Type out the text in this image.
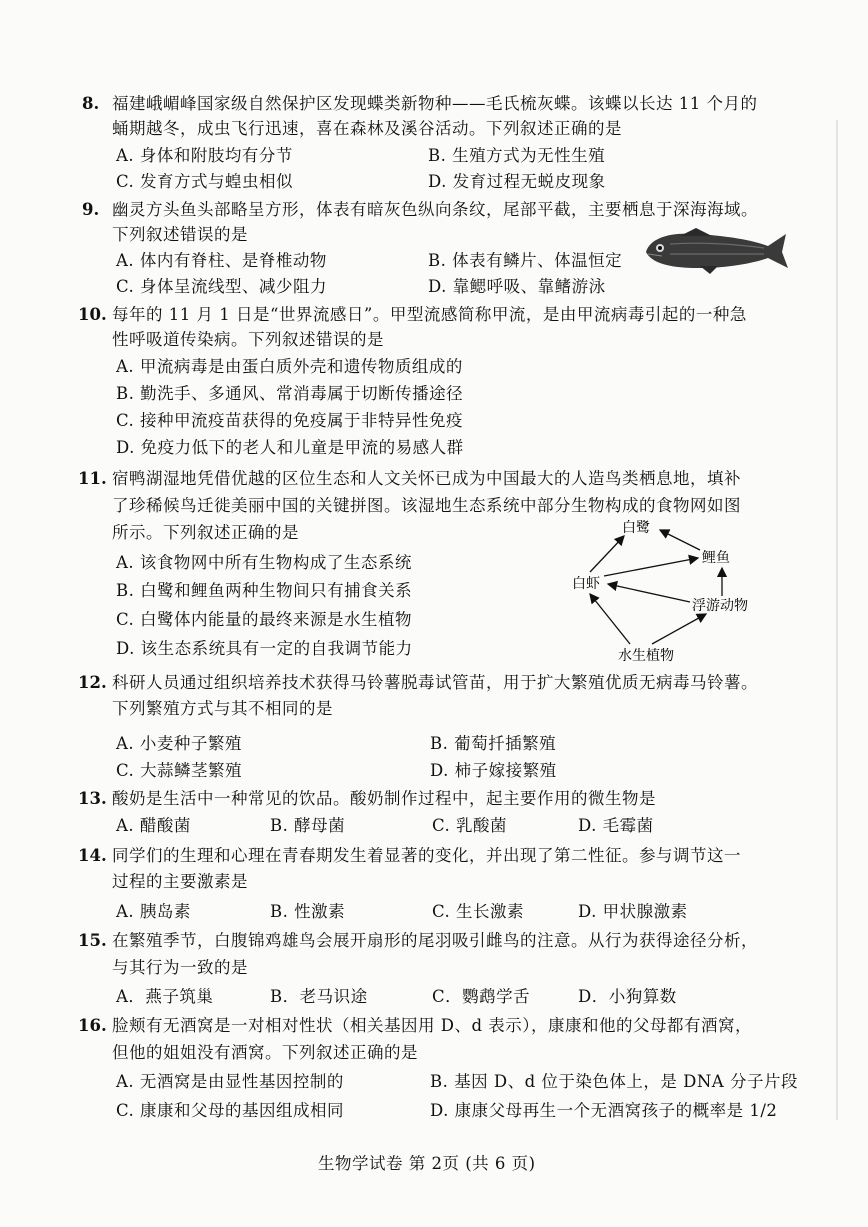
8. 福建峨嵋峰国家级自然保护区发现蝶类新物种——毛氏梳灰蝶。该蝶以长达 11 个月的
蛹期越冬，成虫飞行迅速，喜在森林及溪谷活动。下列叙述正确的是
A. 身体和附肢均有分节	B. 生殖方式为无性生殖
C. 发育方式与蝗虫相似	D. 发育过程无蜕皮现象
9. 幽灵方头鱼头部略呈方形，体表有暗灰色纵向条纹，尾部平截，主要栖息于深海海域。
下列叙述错误的是
A. 体内有脊柱、是脊椎动物	B. 体表有鳞片、体温恒定
C. 身体呈流线型、减少阻力	D. 靠鳃呼吸、靠鳍游泳
10. 每年的 11 月 1 日是“世界流感日”。甲型流感简称甲流，是由甲流病毒引起的一种急
性呼吸道传染病。下列叙述错误的是
A. 甲流病毒是由蛋白质外壳和遗传物质组成的
B. 勤洗手、多通风、常消毒属于切断传播途径
C. 接种甲流疫苗获得的免疫属于非特异性免疫
D. 免疫力低下的老人和儿童是甲流的易感人群
11. 宿鸭湖湿地凭借优越的区位生态和人文关怀已成为中国最大的人造鸟类栖息地，填补
了珍稀候鸟迁徙美丽中国的关键拼图。该湿地生态系统中部分生物构成的食物网如图
所示。下列叙述正确的是
A. 该食物网中所有生物构成了生态系统
B. 白鹭和鲤鱼两种生物间只有捕食关系
C. 白鹭体内能量的最终来源是水生植物
D. 该生态系统具有一定的自我调节能力
白鹭
鲤鱼
白虾
浮游动物
水生植物
12. 科研人员通过组织培养技术获得马铃薯脱毒试管苗，用于扩大繁殖优质无病毒马铃薯。
下列繁殖方式与其不相同的是
A. 小麦种子繁殖	B. 葡萄扦插繁殖
C. 大蒜鳞茎繁殖	D. 柿子嫁接繁殖
13. 酸奶是生活中一种常见的饮品。酸奶制作过程中，起主要作用的微生物是
A. 醋酸菌	B. 酵母菌	C. 乳酸菌	D. 毛霉菌
14. 同学们的生理和心理在青春期发生着显著的变化，并出现了第二性征。参与调节这一
过程的主要激素是
A. 胰岛素	B. 性激素	C. 生长激素	D. 甲状腺激素
15. 在繁殖季节，白腹锦鸡雄鸟会展开扇形的尾羽吸引雌鸟的注意。从行为获得途径分析，
与其行为一致的是
A．燕子筑巢	B．老马识途	C．鹦鹉学舌	D．小狗算数
16. 脸颊有无酒窝是一对相对性状（相关基因用 D、d 表示），康康和他的父母都有酒窝，
但他的姐姐没有酒窝。下列叙述正确的是
A. 无酒窝是由显性基因控制的	B. 基因 D、d 位于染色体上，是 DNA 分子片段
C. 康康和父母的基因组成相同	D. 康康父母再生一个无酒窝孩子的概率是 1/2
生物学试卷 第 2页 (共 6 页)
